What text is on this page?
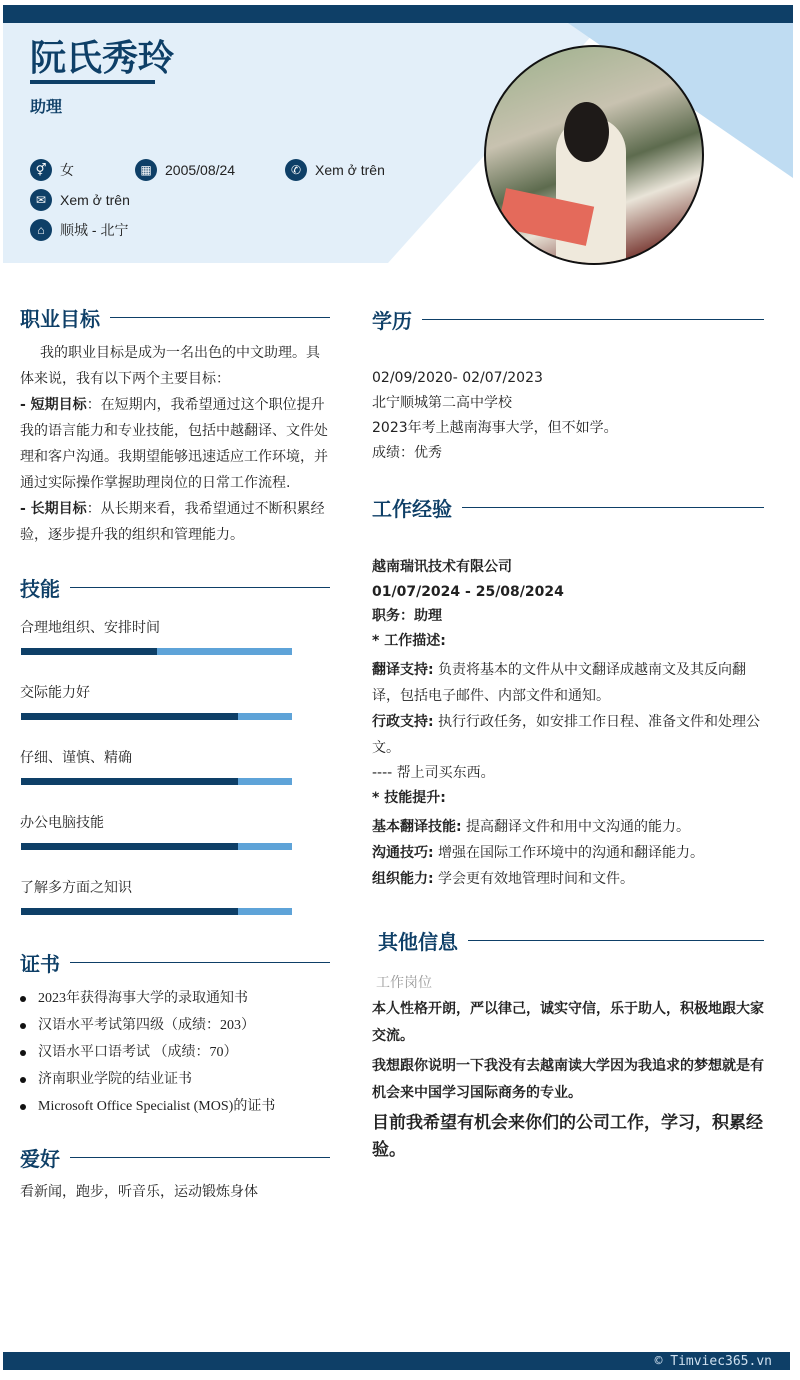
阮氏秀玲
助理
⚥ 女	▦ 2005/08/24	✆ Xem ở trên
✉ Xem ở trên
⌂	顺城 - 北宁
职业目标
我的职业目标是成为一名出色的中文助理。具体来说，我有以下两个主要目标：
- 短期目标：在短期内，我希望通过这个职位提升我的语言能力和专业技能，包括中越翻译、文件处理和客户沟通。我期望能够迅速适应工作环境，并通过实际操作掌握助理岗位的日常工作流程.
- 长期目标：从长期来看，我希望通过不断积累经验，逐步提升我的组织和管理能力。
技能
合理地组织、安排时间
交际能力好
仔细、谨慎、精确
办公电脑技能
了解多方面之知识
证书
2023年获得海事大学的录取通知书
汉语水平考试第四级（成绩：203）
汉语水平口语考试 （成绩：70）
济南职业学院的结业证书
Microsoft Office Specialist (MOS)的证书
爱好
看新闻，跑步，听音乐，运动锻炼身体
学历
02/09/2020- 02/07/2023
北宁顺城第二高中学校
2023年考上越南海事大学，但不如学。
成绩：优秀
工作经验
越南瑞讯技术有限公司
01/07/2024 - 25/08/2024
职务：助理
* 工作描述:
翻译支持: 负责将基本的文件从中文翻译成越南文及其反向翻译，包括电子邮件、内部文件和通知。
行政支持: 执行行政任务，如安排工作日程、准备文件和处理公文。
---- 帮上司买东西。
* 技能提升:
基本翻译技能: 提高翻译文件和用中文沟通的能力。
沟通技巧: 增强在国际工作环境中的沟通和翻译能力。
组织能力: 学会更有效地管理时间和文件。
其他信息
工作岗位
本人性格开朗，严以律己，诚实守信，乐于助人，积极地跟大家交流。
我想跟你说明一下我没有去越南读大学因为我追求的梦想就是有机会来中国学习国际商务的专业。
目前我希望有机会来你们的公司工作，学习，积累经验。
© Timviec365.vn
